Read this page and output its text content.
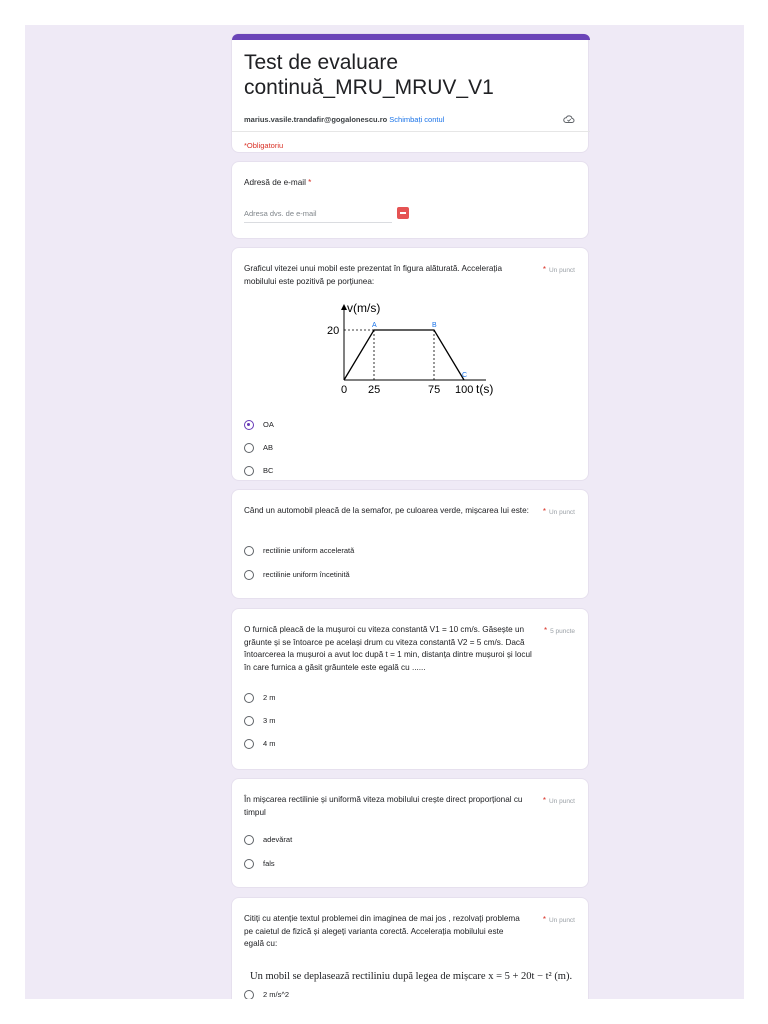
Test de evaluare continuă_MRU_MRUV_V1
marius.vasile.trandafir@gogalonescu.ro Schimbați contul
*Obligatoriu
Adresă de e-mail *
Adresa dvs. de e-mail
Graficul vitezei unui mobil este prezentat în figura alăturată. Accelerația mobilului este pozitivă pe porțiunea:
* Un punct
v(m/s)
t(s)
A	B
C
0 25	75 100
20
OA
AB
BC
Când un automobil pleacă de la semafor, pe culoarea verde, mișcarea lui este:	* Un punct
rectilinie uniform accelerată
rectilinie uniform încetinită
O furnică pleacă de la mușuroi cu viteza constantă V1 = 10 cm/s. Găsește un grăunte și se întoarce pe același drum cu viteza constantă V2 = 5 cm/s. Dacă întoarcerea la mușuroi a avut loc după t = 1 min, distanța dintre mușuroi și locul în care furnica a găsit grăuntele este egală cu ......
* 5 puncte
2 m
3 m
4 m
În mișcarea rectilinie și uniformă viteza mobilului crește direct proporțional cu timpul
* Un punct
adevărat
fals
Citiți cu atenție textul problemei din imaginea de mai jos , rezolvați problema pe caietul de fizică și alegeți varianta corectă. Accelerația mobilului este egală cu:
* Un punct
Un mobil se deplasează rectiliniu după legea de mișcare x = 5 + 20t − t² (m).
2 m/s^2
